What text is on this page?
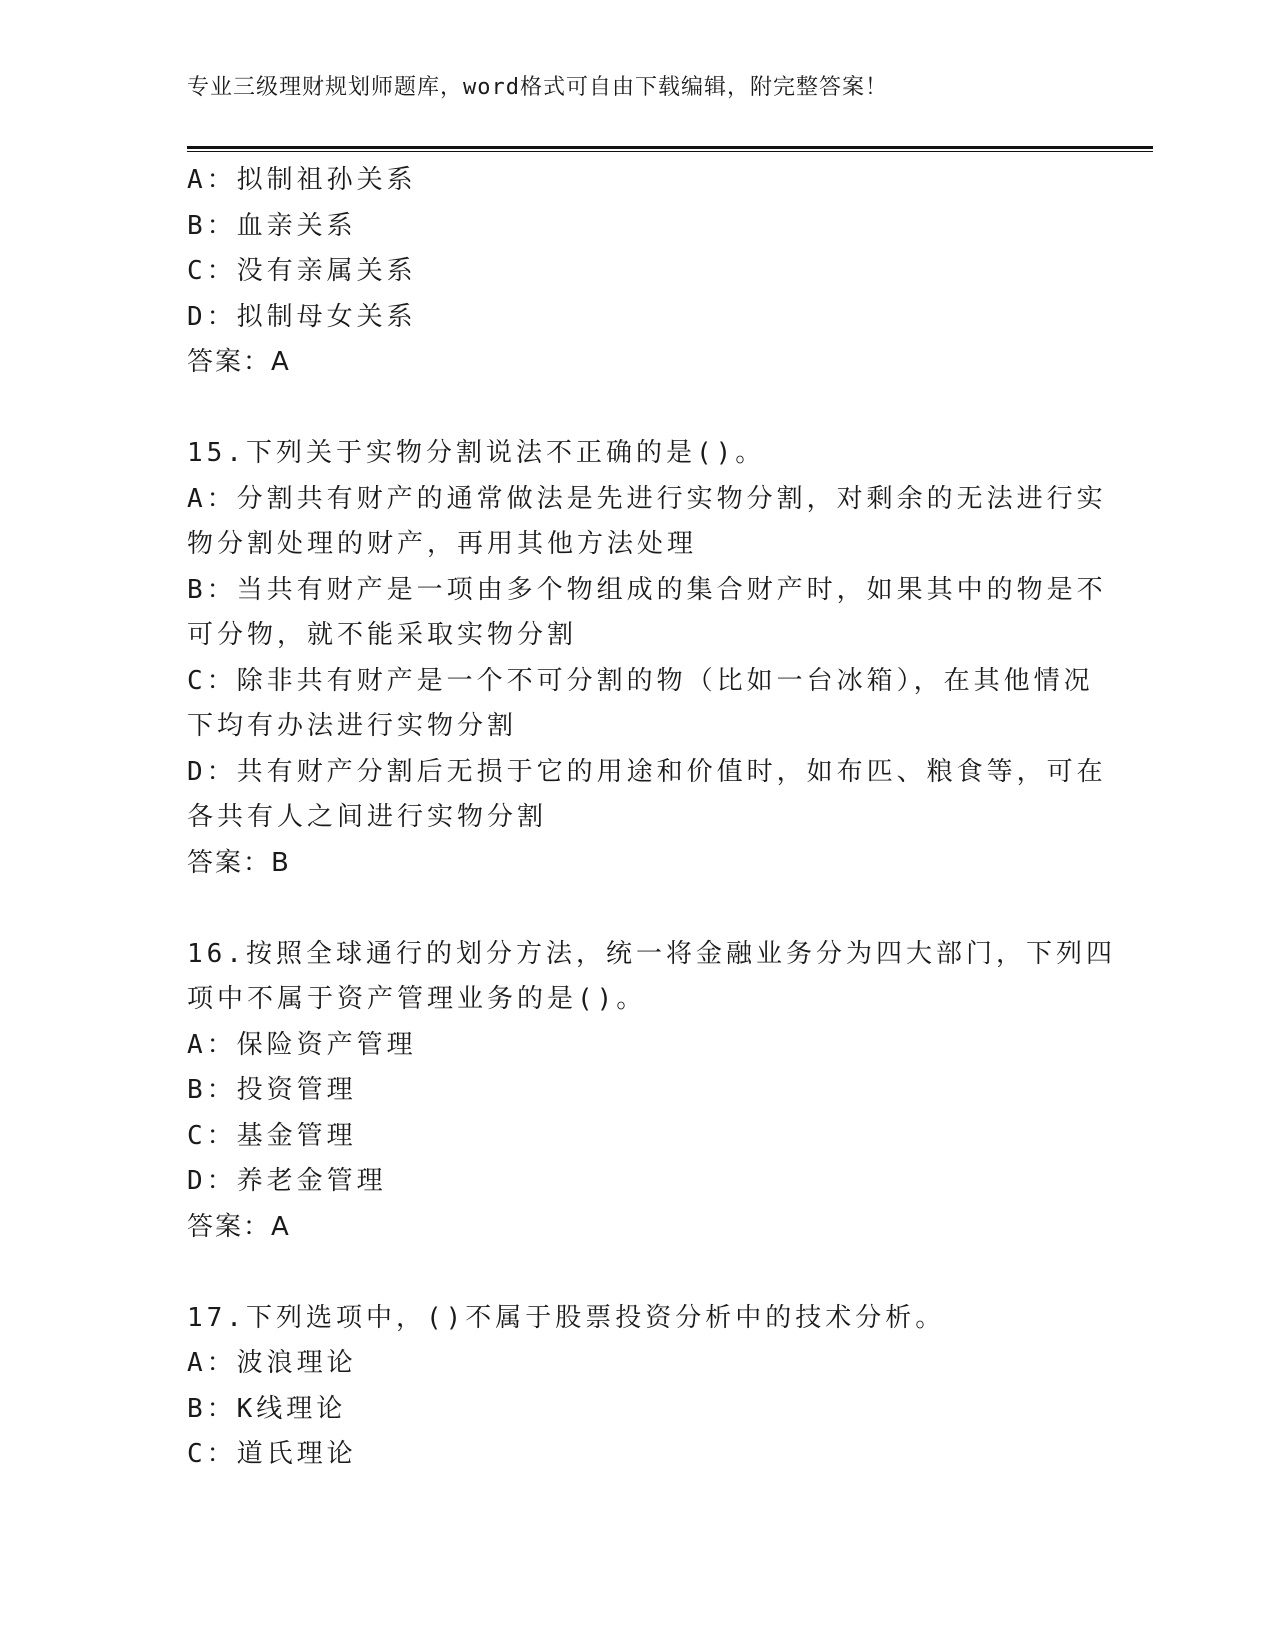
专业三级理财规划师题库，word格式可自由下载编辑，附完整答案！
A：拟制祖孙关系
B：血亲关系
C：没有亲属关系
D：拟制母女关系
答案：A
15.下列关于实物分割说法不正确的是()。
A：分割共有财产的通常做法是先进行实物分割，对剩余的无法进行实
物分割处理的财产，再用其他方法处理
B：当共有财产是一项由多个物组成的集合财产时，如果其中的物是不
可分物，就不能采取实物分割
C：除非共有财产是一个不可分割的物（比如一台冰箱），在其他情况
下均有办法进行实物分割
D：共有财产分割后无损于它的用途和价值时，如布匹、粮食等，可在
各共有人之间进行实物分割
答案：B
16.按照全球通行的划分方法，统一将金融业务分为四大部门，下列四
项中不属于资产管理业务的是()。
A：保险资产管理
B：投资管理
C：基金管理
D：养老金管理
答案：A
17.下列选项中，()不属于股票投资分析中的技术分析。
A：波浪理论
B：K线理论
C：道氏理论
